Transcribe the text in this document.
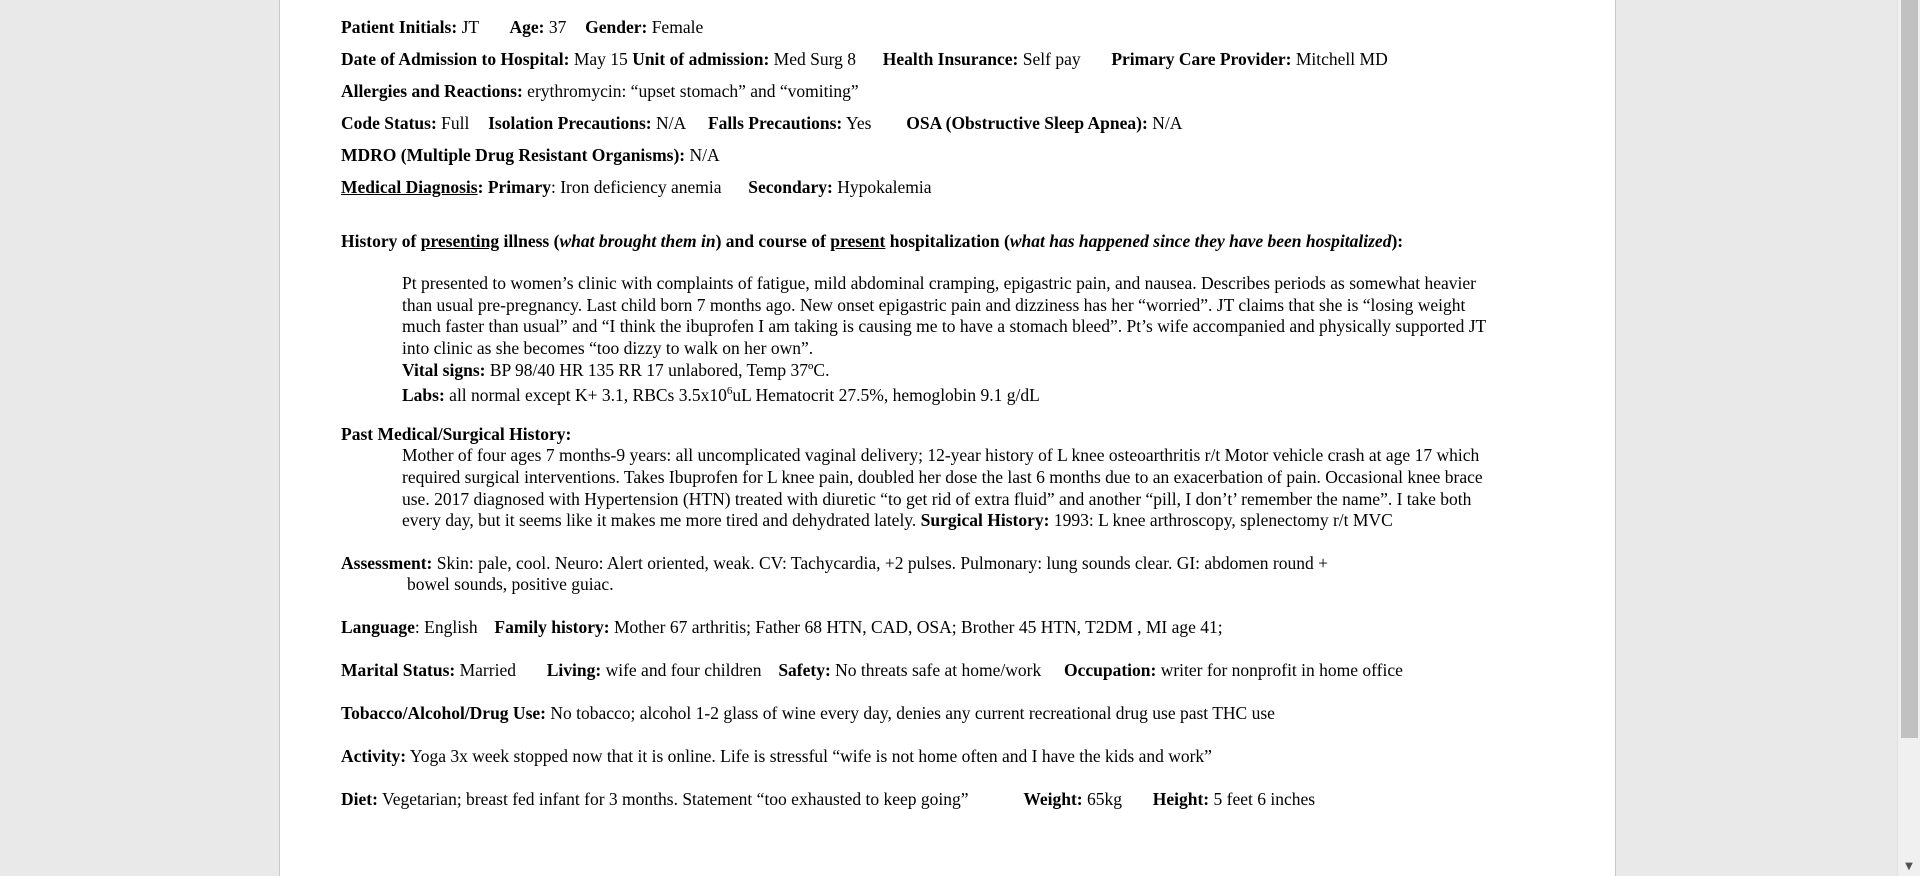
Patient Initials: JT Age: 37 Gender: Female
Date of Admission to Hospital: May 15 Unit of admission: Med Surg 8 Health Insurance: Self pay Primary Care Provider: Mitchell MD
Allergies and Reactions: erythromycin: “upset stomach” and “vomiting”
Code Status: Full Isolation Precautions: N/A Falls Precautions: Yes OSA (Obstructive Sleep Apnea): N/A
MDRO (Multiple Drug Resistant Organisms): N/A
Medical Diagnosis: Primary: Iron deficiency anemia Secondary: Hypokalemia
History of presenting illness (what brought them in) and course of present hospitalization (what has happened since they have been hospitalized):
Pt presented to women’s clinic with complaints of fatigue, mild abdominal cramping, epigastric pain, and nausea. Describes periods as somewhat heavier
than usual pre-pregnancy. Last child born 7 months ago. New onset epigastric pain and dizziness has her “worried”. JT claims that she is “losing weight
much faster than usual” and “I think the ibuprofen I am taking is causing me to have a stomach bleed”. Pt’s wife accompanied and physically supported JT
into clinic as she becomes “too dizzy to walk on her own”.
Vital signs: BP 98/40 HR 135 RR 17 unlabored, Temp 37ºC.
Labs: all normal except K+ 3.1, RBCs $3.5x10^6uL$ Hematocrit 27.5%, hemoglobin 9.1 g/dL
Past Medical/Surgical History:
Mother of four ages 7 months-9 years: all uncomplicated vaginal delivery; 12-year history of L knee osteoarthritis r/t Motor vehicle crash at age 17 which
required surgical interventions. Takes Ibuprofen for L knee pain, doubled her dose the last 6 months due to an exacerbation of pain. Occasional knee brace
use. 2017 diagnosed with Hypertension (HTN) treated with diuretic “to get rid of extra fluid” and another “pill, I don’t’ remember the name”. I take both
every day, but it seems like it makes me more tired and dehydrated lately. Surgical History: 1993: L knee arthroscopy, splenectomy r/t MVC
Assessment: Skin: pale, cool. Neuro: Alert oriented, weak. CV: Tachycardia, +2 pulses. Pulmonary: lung sounds clear. GI: abdomen round +
bowel sounds, positive guiac.
Language: English Family history: Mother 67 arthritis; Father 68 HTN, CAD, OSA; Brother 45 HTN, T2DM , MI age 41;
Marital Status: Married Living: wife and four children Safety: No threats safe at home/work Occupation: writer for nonprofit in home office
Tobacco/Alcohol/Drug Use: No tobacco; alcohol 1-2 glass of wine every day, denies any current recreational drug use past THC use
Activity: Yoga 3x week stopped now that it is online. Life is stressful “wife is not home often and I have the kids and work”
Diet: Vegetarian; breast fed infant for 3 months. Statement “too exhausted to keep going”	Weight: 65kg Height: 5 feet 6 inches
▼
